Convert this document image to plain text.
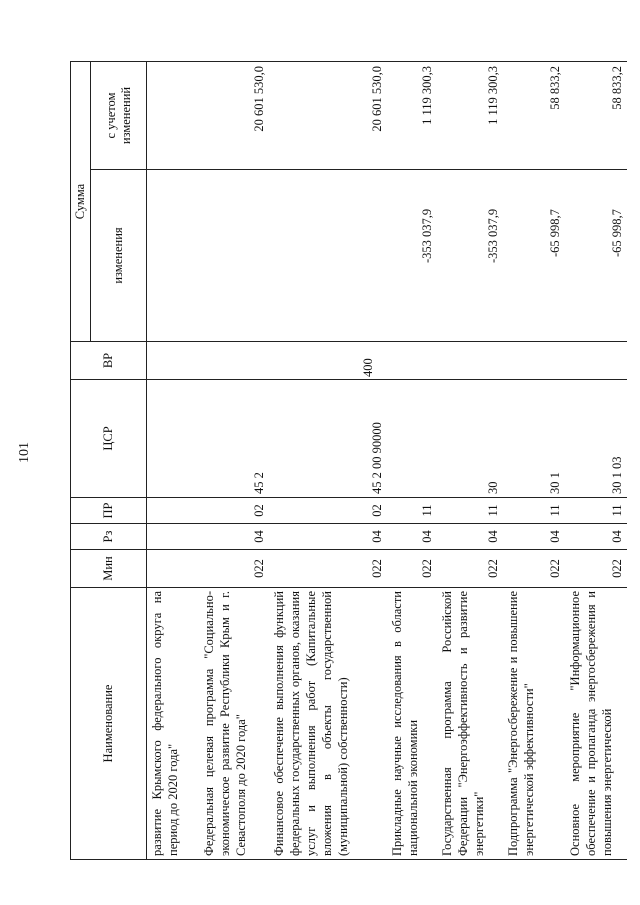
101
Наименование	Мин	Рз	ПР	ЦСР	ВР	Сумма	
						изменения	с учетом изменений
развитие Крымского федерального округа на период до 2020 года"							
Федеральная целевая программа "Социально-экономическое развитие Республики Крым и г. Севастополя до 2020 года"	022	04	02	45 2			20 601 530,0
Финансовое обеспечение выполнения функций федеральных государственных органов, оказания услуг и выполнения работ (Капитальные вложения в объекты государственной (муниципальной) собственности)	022	04	02	45 2 00 90000	400		20 601 530,0
Прикладные научные исследования в области национальной экономики	022	04	11			-353 037,9	1 119 300,3
Государственная программа Российской Федерации "Энергоэффективность и развитие энергетики"	022	04	11	30		-353 037,9	1 119 300,3
Подпрограмма "Энергосбережение и повышение энергетической эффективности"	022	04	11	30 1		-65 998,7	58 833,2
Основное мероприятие "Информационное обеспечение и пропаганда энергосбережения и повышения энергетической	022	04	11	30 1 03		-65 998,7	58 833,2
